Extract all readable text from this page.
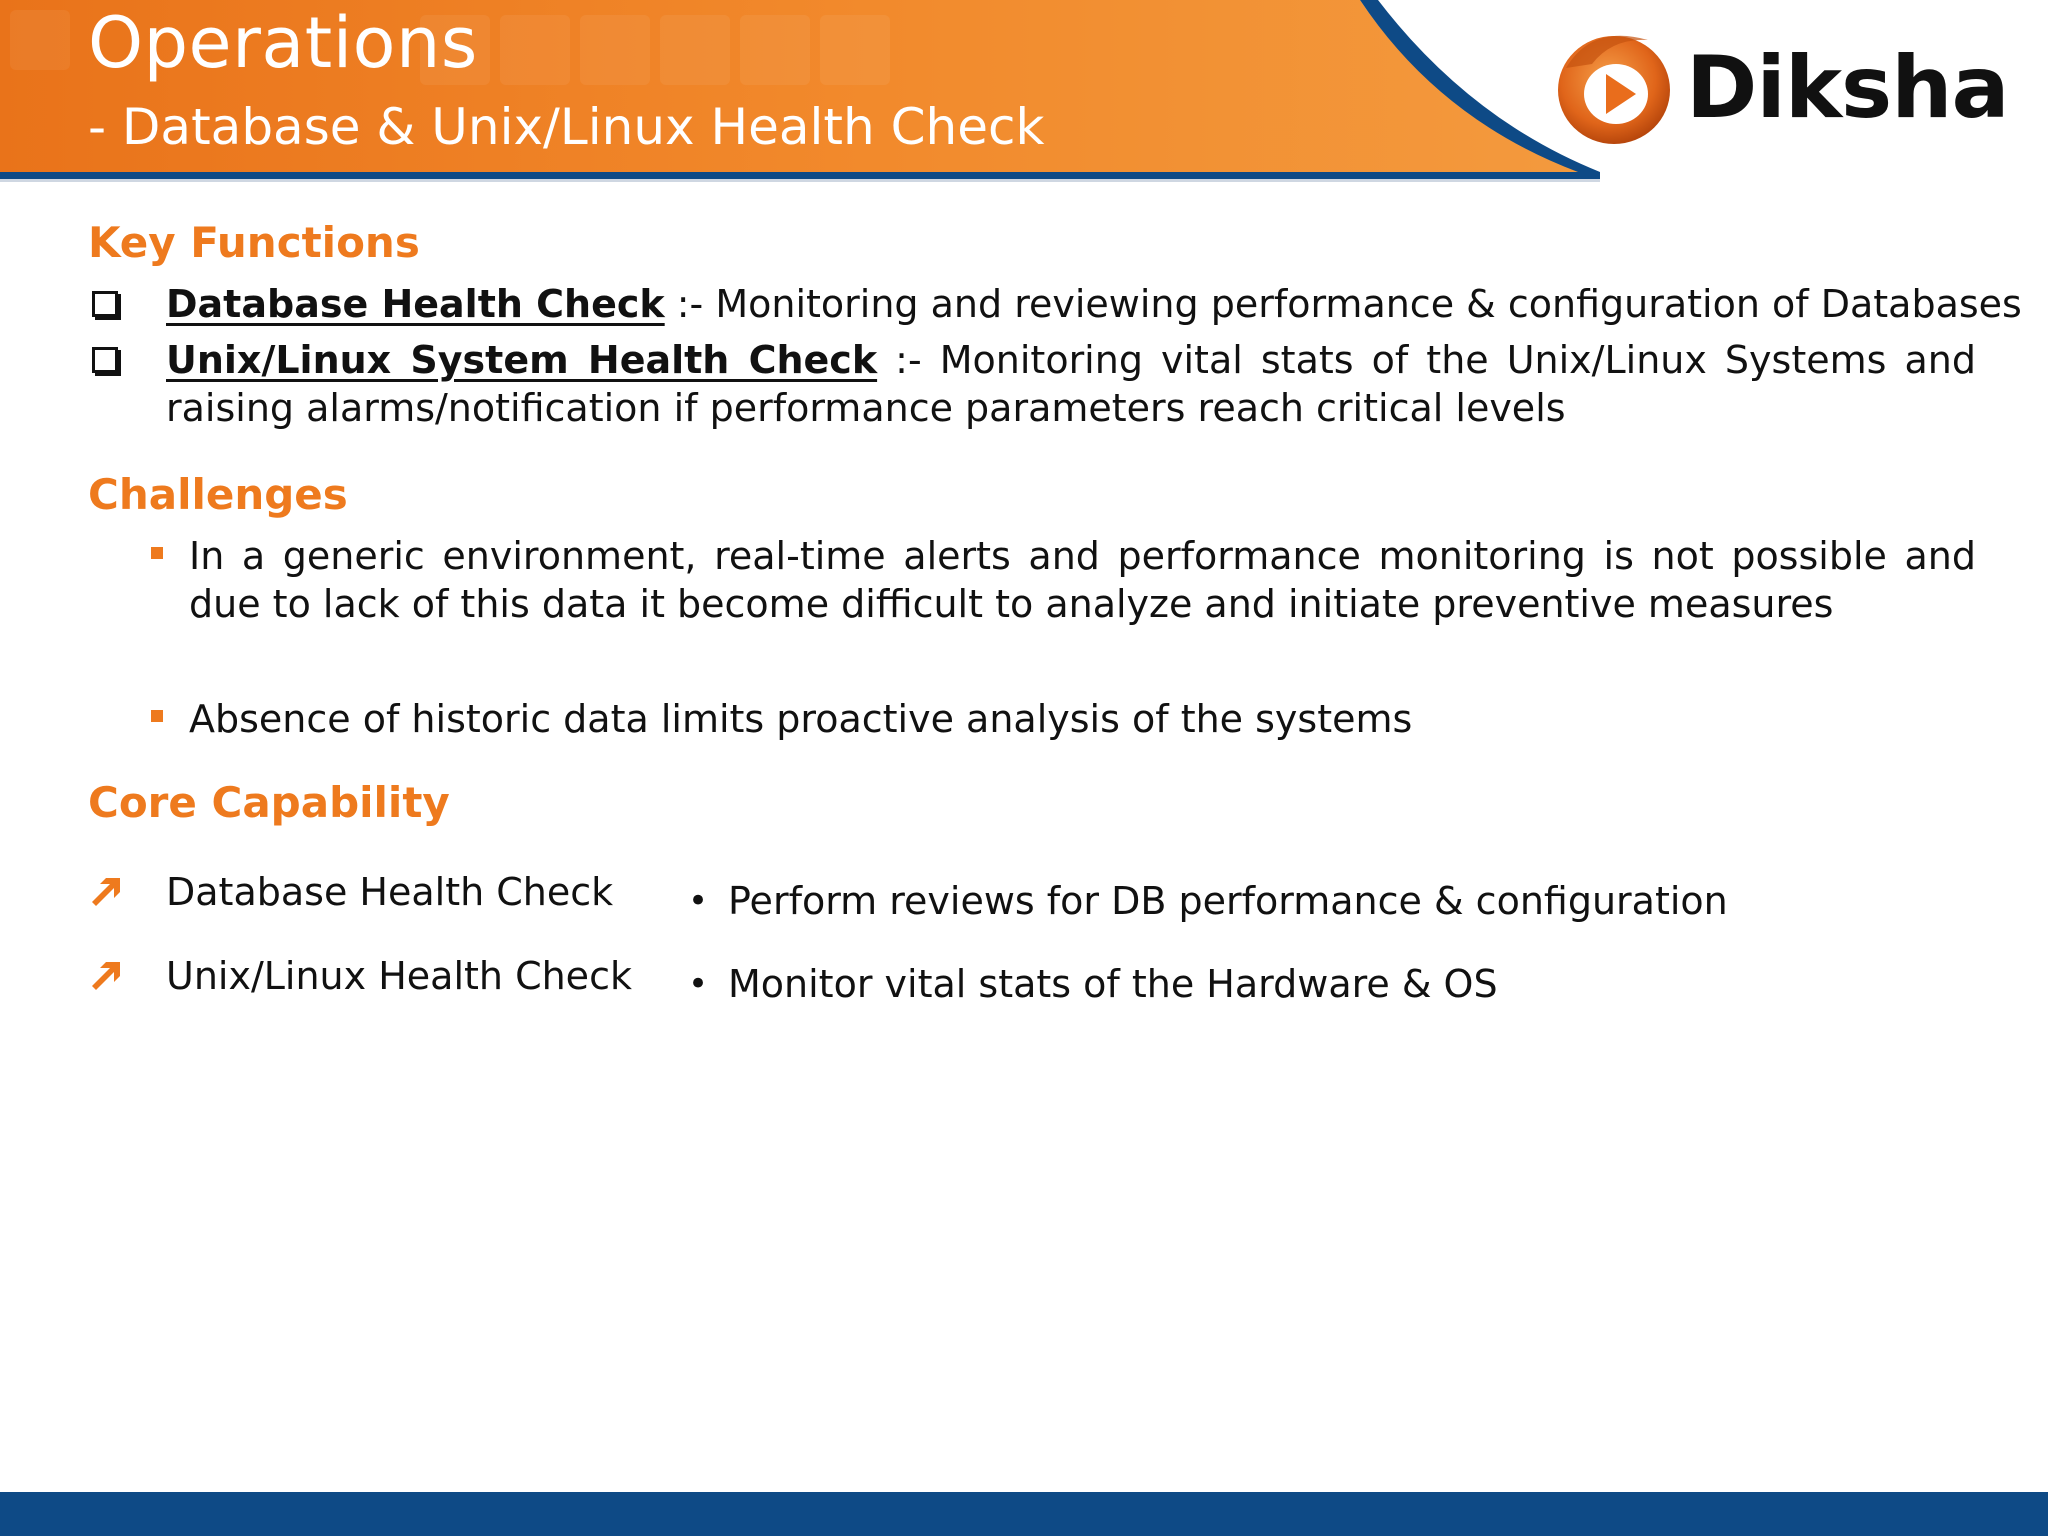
Operations
- Database & Unix/Linux Health Check	Diksha
Key Functions
Database Health Check :- Monitoring and reviewing performance & configuration of Databases
Unix/Linux System Health Check :- Monitoring vital stats of the Unix/Linux Systems and raising alarms/notification if performance parameters reach critical levels
Challenges
In a generic environment, real-time alerts and performance monitoring is not possible and due to lack of this data it become difficult to analyze and initiate preventive measures
Absence of historic data limits proactive analysis of the systems
Core Capability
Database Health Check • Perform reviews for DB performance & configuration
Unix/Linux Health Check • Monitor vital stats of the Hardware & OS
